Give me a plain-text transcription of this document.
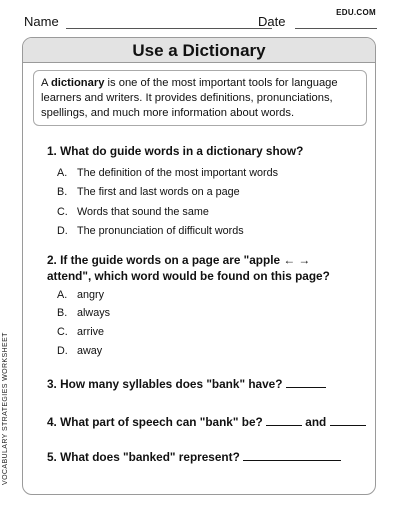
Name	Date
EDU.COM
VOCABULARY STRATEGIES WORKSHEET
Use a Dictionary
A dictionary is one of the most important tools for language learners and writers. It provides definitions, pronunciations, spellings, and much more information about words.
1. What do guide words in a dictionary show?
A. The definition of the most important words
B. The first and last words on a page
C. Words that sound the same
D. The pronunciation of difficult words
2. If the guide words on a page are "apple ← →
attend", which word would be found on this page?
A. angry
B. always
C. arrive
D. away
3. How many syllables does "bank" have?
4. What part of speech can "bank" be?	and
5. What does "banked" represent?
